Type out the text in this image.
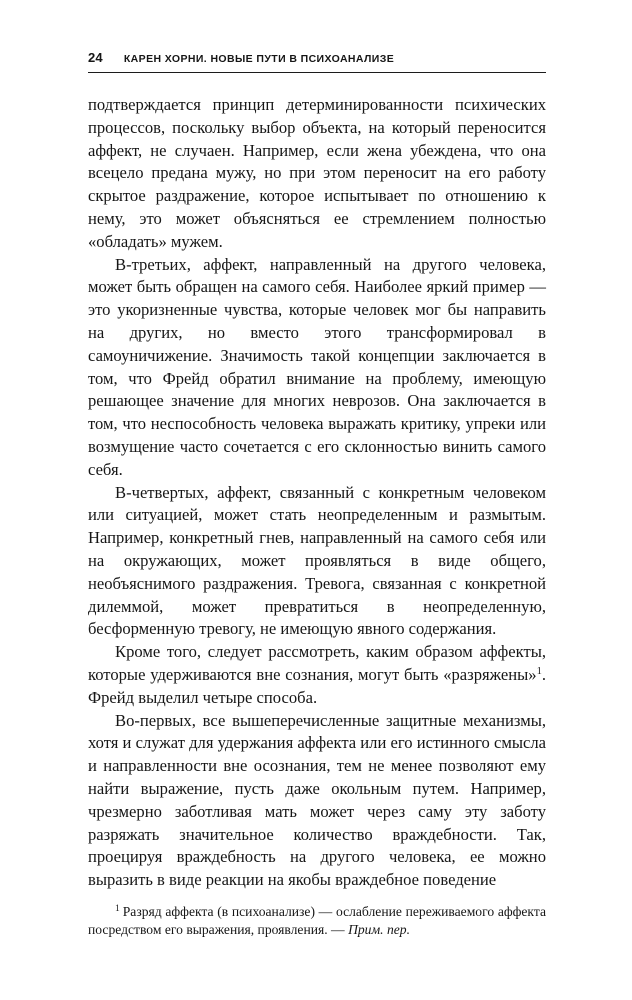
24 КАРЕН ХОРНИ. НОВЫЕ ПУТИ В ПСИХОАНАЛИЗЕ

подтверждается принцип детерминированности психических процессов, поскольку выбор объекта, на который переносится аффект, не случаен. Например, если жена убеждена, что она всецело предана мужу, но при этом переносит на его работу скрытое раздражение, которое испытывает по отношению к нему, это может объясняться ее стремлением полностью «обладать» мужем.

В-третьих, аффект, направленный на другого человека, может быть обращен на самого себя. Наиболее яркий пример — это укоризненные чувства, которые человек мог бы направить на других, но вместо этого трансформировал в самоуничижение. Значимость такой концепции заключается в том, что Фрейд обратил внимание на проблему, имеющую решающее значение для многих неврозов. Она заключается в том, что неспособность человека выражать критику, упреки или возмущение часто сочетается с его склонностью винить самого себя.

В-четвертых, аффект, связанный с конкретным человеком или ситуацией, может стать неопределенным и размытым. Например, конкретный гнев, направленный на самого себя или на окружающих, может проявляться в виде общего, необъяснимого раздражения. Тревога, связанная с конкретной дилеммой, может превратиться в неопределенную, бесформенную тревогу, не имеющую явного содержания.

Кроме того, следует рассмотреть, каким образом аффекты, которые удерживаются вне сознания, могут быть «разряжены»$^1$. Фрейд выделил четыре способа.

Во-первых, все вышеперечисленные защитные механизмы, хотя и служат для удержания аффекта или его истинного смысла и направленности вне осознания, тем не менее позволяют ему найти выражение, пусть даже окольным путем. Например, чрезмерно заботливая мать может через саму эту заботу разряжать значительное количество враждебности. Так, проецируя враждебность на другого человека, ее можно выразить в виде реакции на якобы враждебное поведение

$^1$ Разряд аффекта (в психоанализе) — ослабление переживаемого аффекта посредством его выражения, проявления. — Прим. пер.
